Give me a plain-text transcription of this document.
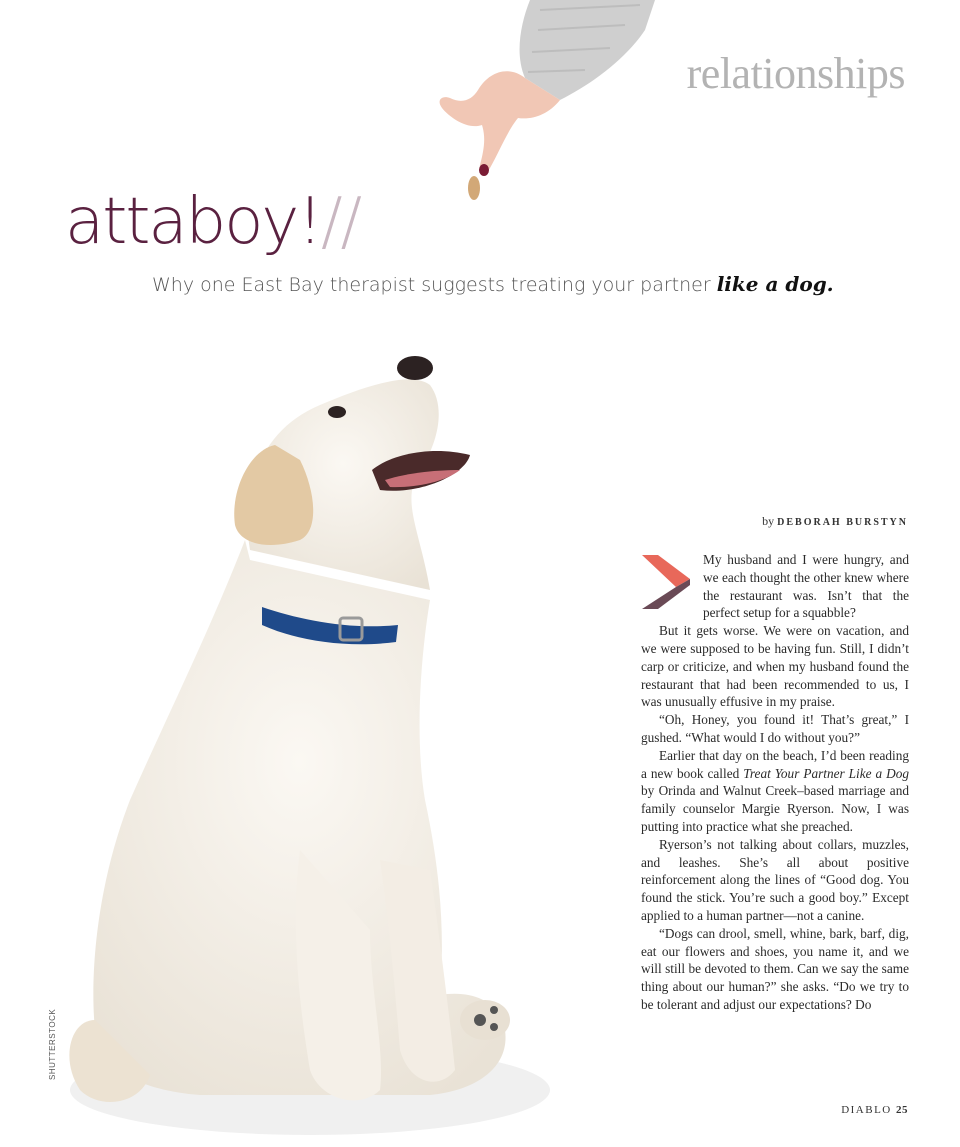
relationships
attaboy!//
Why one East Bay therapist suggests treating your partner like a dog.
SHUTTERSTOCK
by DEBORAH BURSTYN

My husband and I were hungry, and we each thought the other knew where the restaurant was. Isn’t that the perfect setup for a squabble?

But it gets worse. We were on vacation, and we were supposed to be having fun. Still, I didn’t carp or criticize, and when my husband found the restaurant that had been recommended to us, I was unusually effusive in my praise.

“Oh, Honey, you found it! That’s great,” I gushed. “What would I do without you?”

Earlier that day on the beach, I’d been reading a new book called Treat Your Partner Like a Dog by Orinda and Walnut Creek–based marriage and family counselor Margie Ryerson. Now, I was putting into practice what she preached.

Ryerson’s not talking about collars, muzzles, and leashes. She’s all about positive reinforcement along the lines of “Good dog. You found the stick. You’re such a good boy.” Except applied to a human partner—not a canine.

“Dogs can drool, smell, whine, bark, barf, dig, eat our flowers and shoes, you name it, and we will still be devoted to them. Can we say the same thing about our human?” she asks. “Do we try to be tolerant and adjust our expectations? Do

DIABLO 25
